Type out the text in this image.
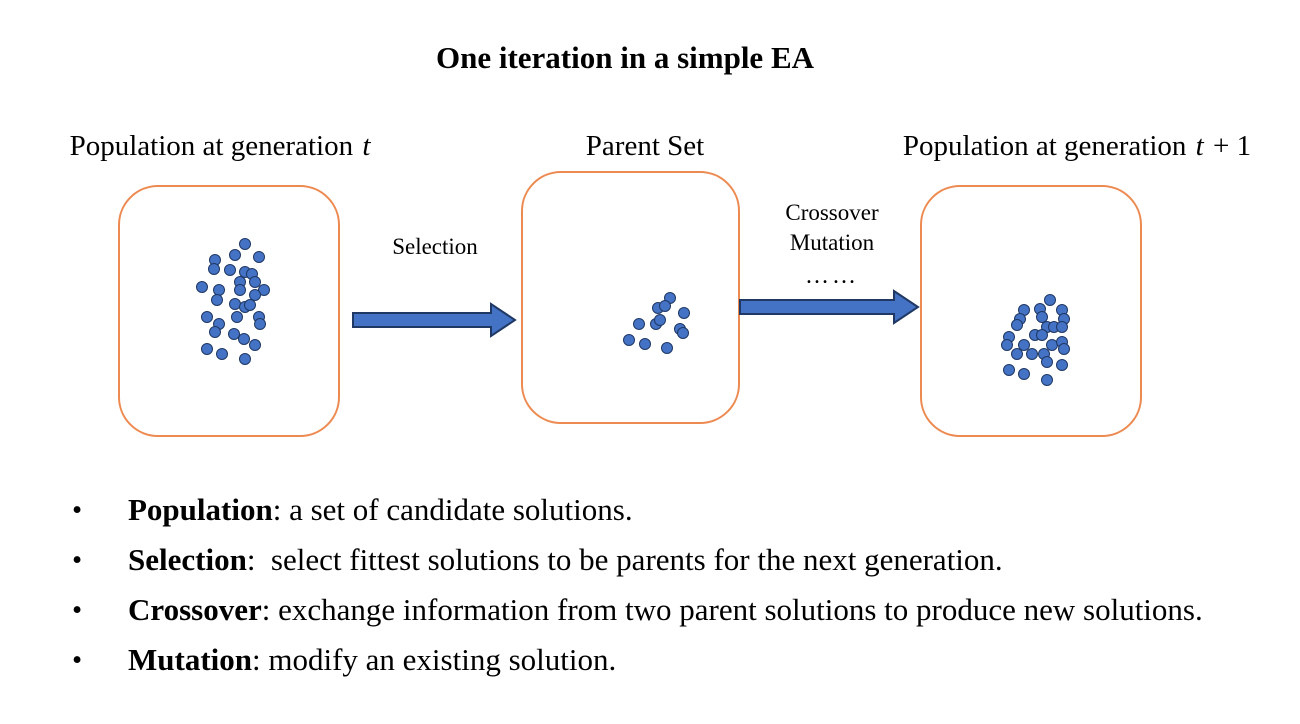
One iteration in a simple EA
Population at generation t	Parent Set	Population at generation t + 1
Selection
Crossover
Mutation
……
• Population: a set of candidate solutions.
• Selection:  select fittest solutions to be parents for the next generation.
• Crossover: exchange information from two parent solutions to produce new solutions.
• Mutation: modify an existing solution.
